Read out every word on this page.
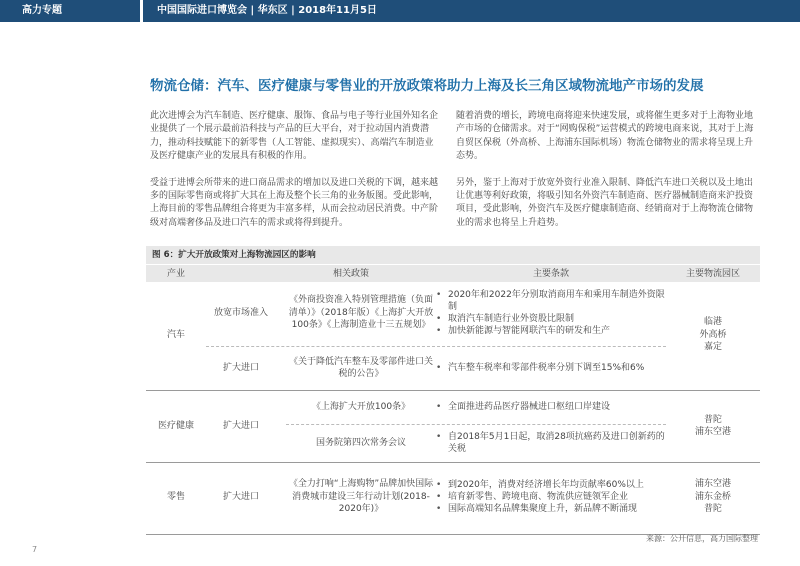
高力专题	中国国际进口博览会 | 华东区 | 2018年11月5日
物流仓储：汽车、医疗健康与零售业的开放政策将助力上海及长三角区域物流地产市场的发展

此次进博会为汽车制造、医疗健康、服饰、食品与电子等行业国外知名企业提供了一个展示最前沿科技与产品的巨大平台，对于拉动国内消费潜力，推动科技赋能下的新零售（人工智能、虚拟现实）、高端汽车制造业及医疗健康产业的发展具有积极的作用。

受益于进博会所带来的进口商品需求的增加以及进口关税的下调，越来越多的国际零售商或将扩大其在上海及整个长三角的业务版图。受此影响，上海目前的零售品牌组合将更为丰富多样，从而会拉动居民消费。中产阶级对高端奢侈品及进口汽车的需求或将得到提升。

随着消费的增长，跨境电商将迎来快速发展，或将催生更多对于上海物业地产市场的仓储需求。对于“网购保税”运营模式的跨境电商来说，其对于上海自贸区保税（外高桥、上海浦东国际机场）物流仓储物业的需求将呈现上升态势。

另外，鉴于上海对于放宽外资行业准入限制、降低汽车进口关税以及土地出让优惠等利好政策，将吸引知名外资汽车制造商、医疗器械制造商来沪投资项目，受此影响，外资汽车及医疗健康制造商、经销商对于上海物流仓储物业的需求也将呈上升趋势。

图 6：扩大开放政策对上海物流园区的影响
产业	相关政策	主要条款	主要物流园区
汽车
放宽市场准入
《外商投资准入特别管理措施（负面清单）》（2018年版）《上海扩大开放100条》《上海制造业十三五规划》
• 2020年和2022年分别取消商用车和乘用车制造外资限制
• 取消汽车制造行业外资股比限制
• 加快新能源与智能网联汽车的研发和生产
扩大进口
《关于降低汽车整车及零部件进口关税的公告》
• 汽车整车税率和零部件税率分别下调至15%和6%
临港
外高桥
嘉定
医疗健康	扩大进口
《上海扩大开放100条》
•	全面推进药品医疗器械进口枢纽口岸建设
国务院第四次常务会议
• 自2018年5月1日起，取消28项抗癌药及进口创新药的关税
普陀
浦东空港
零售	扩大进口
《全力打响“上海购物”品牌加快国际消费城市建设三年行动计划(2018-2020年)》
• 到2020年，消费对经济增长年均贡献率60%以上
• 培育新零售、跨境电商、物流供应链领军企业
• 国际高端知名品牌集聚度上升，新品牌不断涌现
浦东空港
浦东金桥
普陀
来源：公开信息，高力国际整理
7
